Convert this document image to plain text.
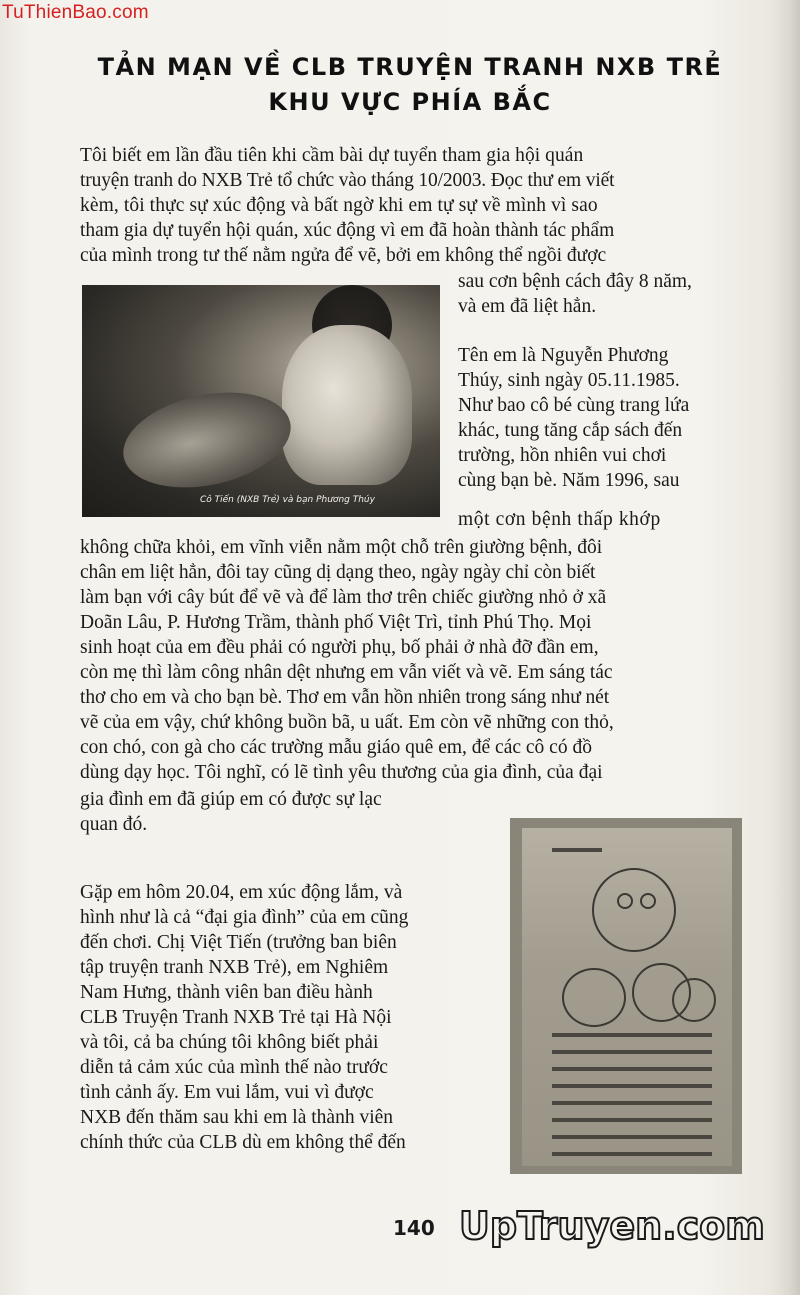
TuThienBao.com
TẢN MẠN VỀ CLB TRUYỆN TRANH NXB TRẺ
KHU VỰC PHÍA BẮC
Tôi biết em lần đầu tiên khi cầm bài dự tuyển tham gia hội quán
truyện tranh do NXB Trẻ tổ chức vào tháng 10/2003. Đọc thư em viết
kèm, tôi thực sự xúc động và bất ngờ khi em tự sự về mình vì sao
tham gia dự tuyển hội quán, xúc động vì em đã hoàn thành tác phẩm
của mình trong tư thế nằm ngửa để vẽ, bởi em không thể ngồi được
sau cơn bệnh cách đây 8 năm,
và em đã liệt hẳn.
Cô Tiến (NXB Trẻ) và bạn Phương Thúy
Tên em là Nguyễn Phương
Thúy, sinh ngày 05.11.1985.
Như bao cô bé cùng trang lứa
khác, tung tăng cắp sách đến
trường, hồn nhiên vui chơi
cùng bạn bè. Năm 1996, sau
một cơn bệnh thấp khớp
không chữa khỏi, em vĩnh viễn nằm một chỗ trên giường bệnh, đôi
chân em liệt hẳn, đôi tay cũng dị dạng theo, ngày ngày chỉ còn biết
làm bạn với cây bút để vẽ và để làm thơ trên chiếc giường nhỏ ở xã
Doãn Lâu, P. Hương Trầm, thành phố Việt Trì, tỉnh Phú Thọ. Mọi
sinh hoạt của em đều phải có người phụ, bố phải ở nhà đỡ đần em,
còn mẹ thì làm công nhân dệt nhưng em vẫn viết và vẽ. Em sáng tác
thơ cho em và cho bạn bè. Thơ em vẫn hồn nhiên trong sáng như nét
vẽ của em vậy, chứ không buồn bã, u uất. Em còn vẽ những con thỏ,
con chó, con gà cho các trường mẫu giáo quê em, để các cô có đồ
dùng dạy học. Tôi nghĩ, có lẽ tình yêu thương của gia đình, của đại
gia đình em đã giúp em có được sự lạc
quan đó.
Gặp em hôm 20.04, em xúc động lắm, và
hình như là cả “đại gia đình” của em cũng
đến chơi. Chị Việt Tiến (trưởng ban biên
tập truyện tranh NXB Trẻ), em Nghiêm
Nam Hưng, thành viên ban điều hành
CLB Truyện Tranh NXB Trẻ tại Hà Nội
và tôi, cả ba chúng tôi không biết phải
diễn tả cảm xúc của mình thế nào trước
tình cảnh ấy. Em vui lắm, vui vì được
NXB đến thăm sau khi em là thành viên
chính thức của CLB dù em không thể đến
140 UpTruyen.com
